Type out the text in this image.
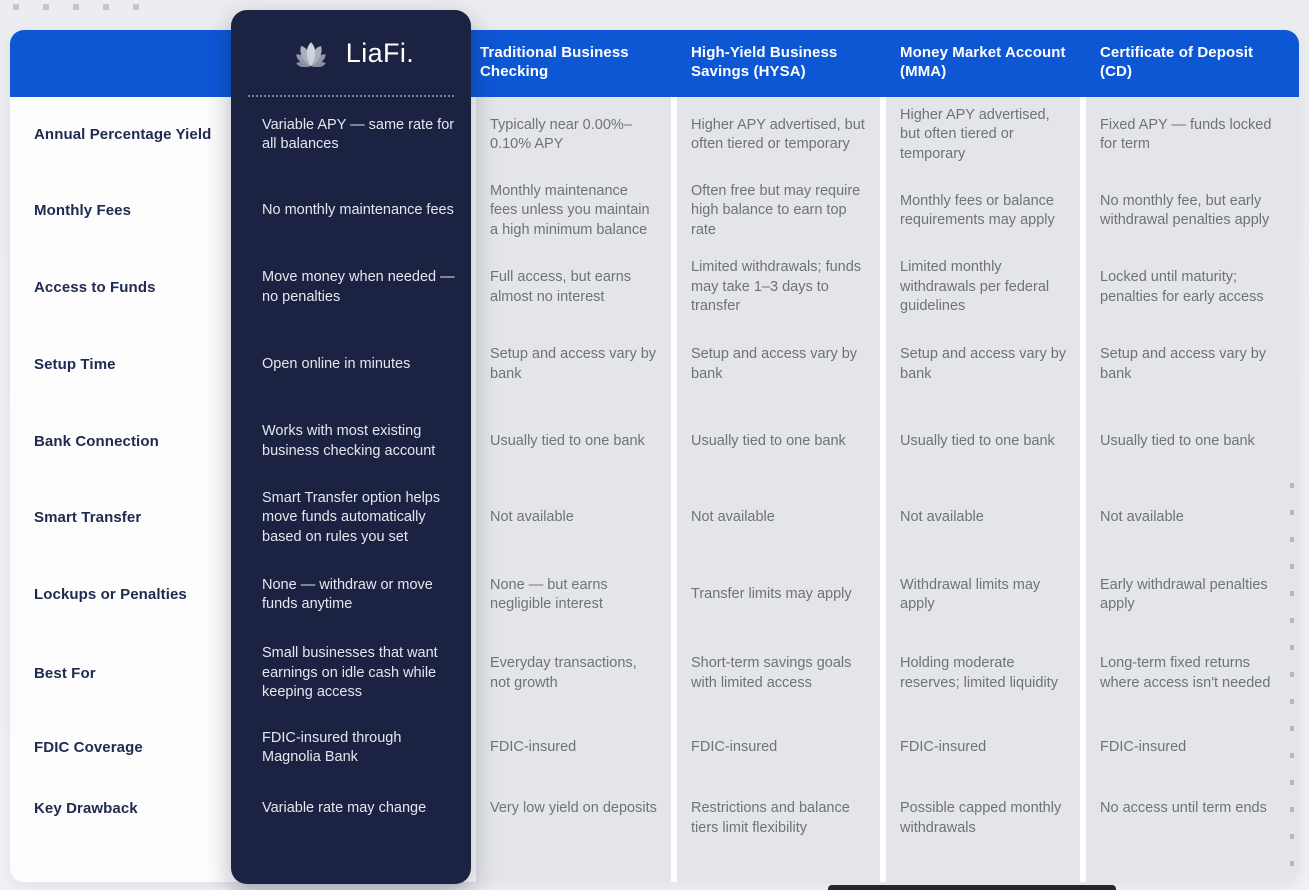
Traditional Business Checking
High-Yield Business Savings (HYSA)
Money Market Account (MMA)
Certificate of Deposit (CD)
Annual Percentage Yield
Monthly Fees
Access to Funds
Setup Time
Bank Connection
Smart Transfer
Lockups or Penalties
Best For
FDIC Coverage
Key Drawback
Typically near 0.00%–0.10% APY
Monthly maintenance fees unless you maintain a high minimum balance
Full access, but earns almost no interest
Setup and access vary by bank
Usually tied to one bank
Not available
None — but earns negligible interest
Everyday transactions, not growth
FDIC-insured
Very low yield on deposits
Higher APY advertised, but often tiered or temporary
Often free but may require high balance to earn top rate
Limited withdrawals; funds may take 1–3 days to transfer
Setup and access vary by bank
Usually tied to one bank
Not available
Transfer limits may apply
Short-term savings goals with limited access
FDIC-insured
Restrictions and balance tiers limit flexibility
Higher APY advertised, but often tiered or temporary
Monthly fees or balance requirements may apply
Limited monthly withdrawals per federal guidelines
Setup and access vary by bank
Usually tied to one bank
Not available
Withdrawal limits may apply
Holding moderate reserves; limited liquidity
FDIC-insured
Possible capped monthly withdrawals
Fixed APY — funds locked for term
No monthly fee, but early withdrawal penalties apply
Locked until maturity; penalties for early access
Setup and access vary by bank
Usually tied to one bank
Not available
Early withdrawal penalties apply
Long-term fixed returns where access isn't needed
FDIC-insured
No access until term ends
LiaFi.
Variable APY — same rate for all balances
No monthly maintenance fees
Move money when needed — no penalties
Open online in minutes
Works with most existing business checking account
Smart Transfer option helps move funds automatically based on rules you set
None — withdraw or move funds anytime
Small businesses that want earnings on idle cash while keeping access
FDIC-insured through Magnolia Bank
Variable rate may change
